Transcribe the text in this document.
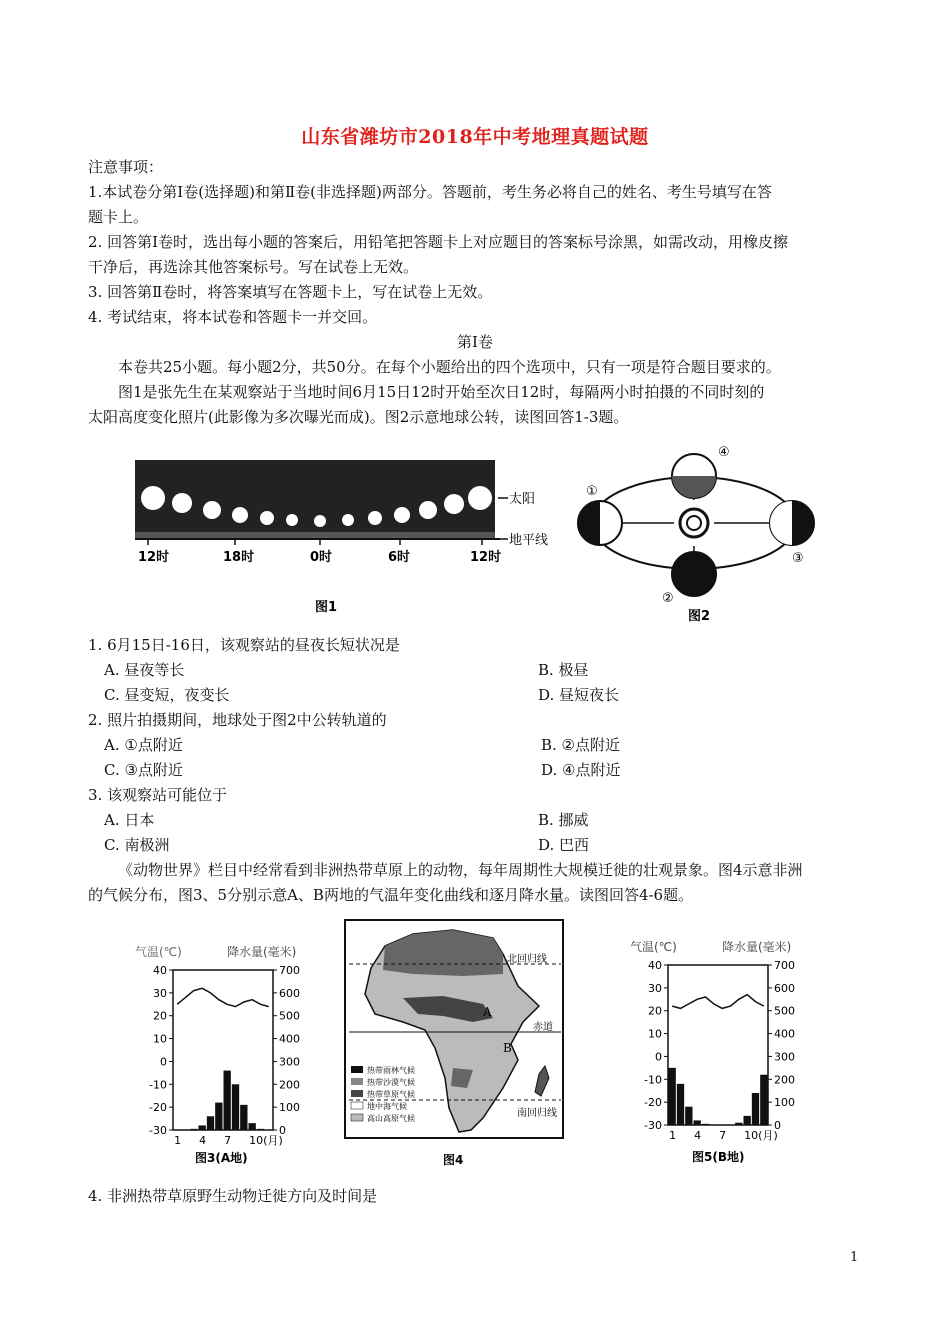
山东省潍坊市2018年中考地理真题试题
注意事项：
1.本试卷分第Ⅰ卷(选择题)和第Ⅱ卷(非选择题)两部分。答题前，考生务必将自己的姓名、考生号填写在答
题卡上。
2. 回答第Ⅰ卷时，选出每小题的答案后，用铅笔把答题卡上对应题目的答案标号涂黑，如需改动，用橡皮擦
干净后，再选涂其他答案标号。写在试卷上无效。
3. 回答第Ⅱ卷时，将答案填写在答题卡上，写在试卷上无效。
4. 考试结束，将本试卷和答题卡一并交回。
第Ⅰ卷
本卷共25小题。每小题2分，共50分。在每个小题给出的四个选项中，只有一项是符合题目要求的。
图1是张先生在某观察站于当地时间6月15日12时开始至次日12时，每隔两小时拍摄的不同时刻的
太阳高度变化照片(此影像为多次曝光而成)。图2示意地球公转，读图回答1-3题。
太阳
地平线
12时	18时	0时	6时	12时
图1
①
②
③
④
图2
1. 6月15日-16日，该观察站的昼夜长短状况是
A. 昼夜等长	B. 极昼
C. 昼变短，夜变长	D. 昼短夜长
2. 照片拍摄期间，地球处于图2中公转轨道的
A. ①点附近	B. ②点附近
C. ③点附近	D. ④点附近
3. 该观察站可能位于
A. 日本	B. 挪威
C. 南极洲	D. 巴西
《动物世界》栏目中经常看到非洲热带草原上的动物，每年周期性大规模迁徙的壮观景象。图4示意非洲
的气候分布，图3、5分别示意A、B两地的气温年变化曲线和逐月降水量。读图回答4-6题。
气温(℃)	降水量(毫米)
图3(A地)
40
30
20
10
0
-10
-20
-30
700
600
500
400
300
200
100
0
1 4 7 10(月)
北回归线
赤道
南回归线
A
B
热带雨林气候
热带沙漠气候
热带草原气候
地中海气候
高山高原气候
图4
气温(℃)	降水量(毫米)
图5(B地)
40
30
20
10
0
-10
-20
-30
700
600
500
400
300
200
100
0
1 4 7 10(月)
4. 非洲热带草原野生动物迁徙方向及时间是
1
